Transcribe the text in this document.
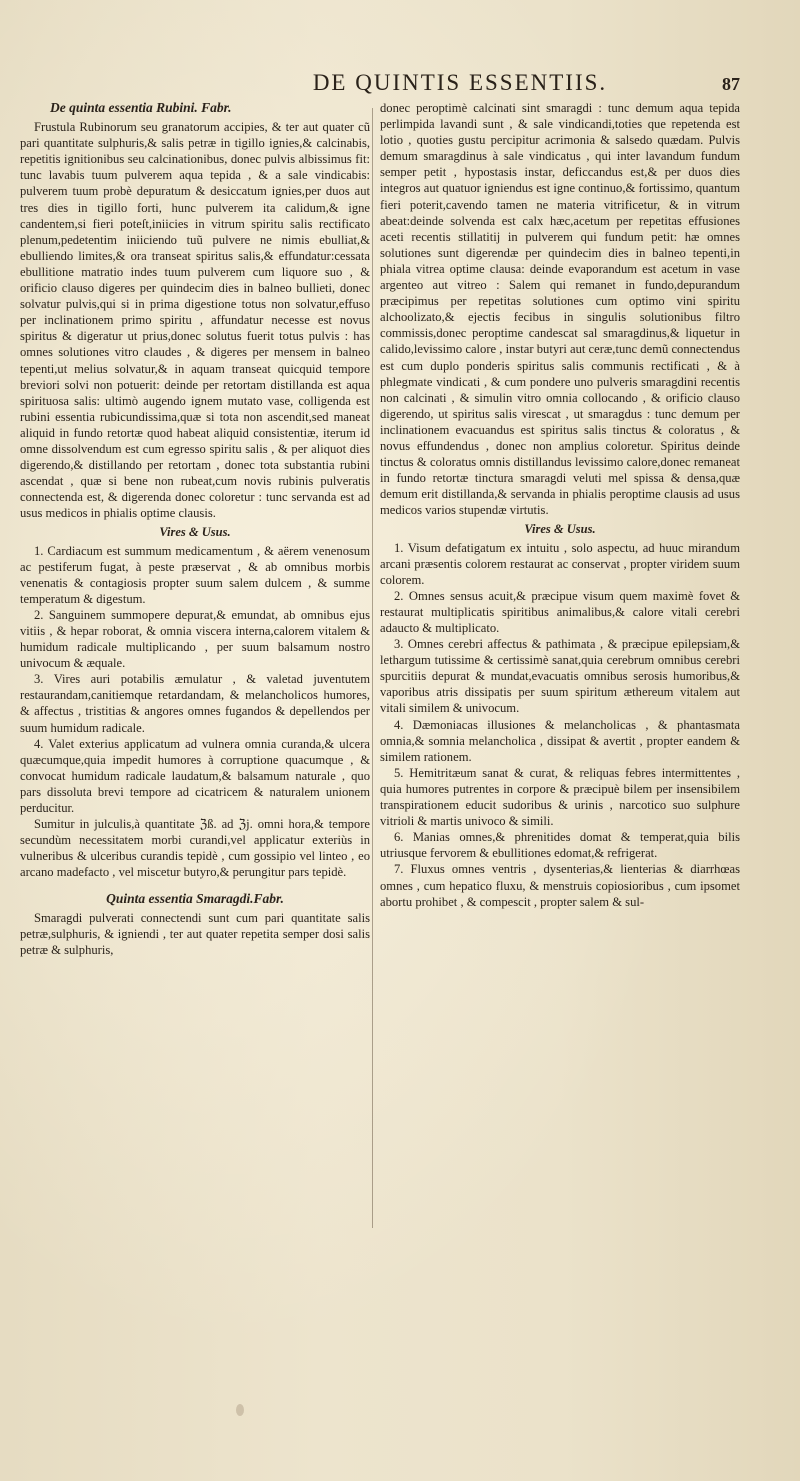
DE QUINTIS ESSENTIIS.	87
De quinta essentia Rubini. Fabr.

Frustula Rubinorum seu granatorum accipies, & ter aut quater cũ pari quantitate sulphuris,& salis petræ in tigillo ignies,& calcinabis, repetitis ignitionibus seu calcinationibus, donec pulvis albissimus fit: tunc lavabis tuum pulverem aqua tepida , & a sale vindicabis: pulverem tuum probè depuratum & desiccatum ignies,per duos aut tres dies in tigillo forti, hunc pulverem ita calidum,& igne candentem,si fieri poteſt,iniicies in vitrum spiritu salis rectificato plenum,pedetentim iniiciendo tuũ pulvere ne nimis ebulliat,& ebulliendo limites,& ora transeat spiritus salis,& effundatur:cessata ebullitione matratio indes tuum pulverem cum liquore suo , & orificio clauso digeres per quindecim dies in balneo bullieti, donec solvatur pulvis,qui si in prima digestione totus non solvatur,effuso per inclinationem primo spiritu , affundatur necesse est novus spiritus & digeratur ut prius,donec solutus fuerit totus pulvis : has omnes solutiones vitro claudes , & digeres per mensem in balneo tepenti,ut melius solvatur,& in aquam transeat quicquid tempore breviori solvi non potuerit: deinde per retortam distillanda est aqua spirituosa salis: ultimò augendo ignem mutato vase, colligenda est rubini essentia rubicundissima,quæ si tota non ascendit,sed maneat aliquid in fundo retortæ quod habeat aliquid consistentiæ, iterum id omne dissolvendum est cum egresso spiritu salis , & per aliquot dies digerendo,& distillando per retortam , donec tota substantia rubini ascendat , quæ si bene non rubeat,cum novis rubinis pulveratis connectenda est, & digerenda donec coloretur : tunc servanda est ad usus medicos in phialis optime clausis.

Vires & Usus.

1. Cardiacum est summum medicamentum , & aërem venenosum ac pestiferum fugat, à peste præservat , & ab omnibus morbis venenatis & contagiosis propter suum salem dulcem , & summe temperatum & digestum.

2. Sanguinem summopere depurat,& emundat, ab omnibus ejus vitiis , & hepar roborat, & omnia viscera interna,calorem vitalem & humidum radicale multiplicando , per suum balsamum nostro univocum & æquale.

3. Vires auri potabilis æmulatur , & valetad juventutem restaurandam,canitiemque retardandam, & melancholicos humores, & affectus , tristitias & angores omnes fugandos & depellendos per suum humidum radicale.

4. Valet exterius applicatum ad vulnera omnia curanda,& ulcera quæcumque,quia impedit humores à corruptione quacumque , & convocat humidum radicale laudatum,& balsamum naturale , quo pars dissoluta brevi tempore ad cicatricem & naturalem unionem perducitur.

Sumitur in julculis,à quantitate ℨß. ad ℨj. omni hora,& tempore secundùm necessitatem morbi curandi,vel applicatur exteriùs in vulneribus & ulceribus curandis tepidè , cum gossipio vel linteo , eo arcano madefacto , vel miscetur butyro,& perungitur pars tepidè.

Quinta essentia Smaragdi.Fabr.

Smaragdi pulverati connectendi sunt cum pari quantitate salis petræ,sulphuris, & igniendi , ter aut quater repetita semper dosi salis petræ & sulphuris,

donec peroptimè calcinati sint smaragdi : tunc demum aqua tepida perlimpida lavandi sunt , & sale vindicandi,toties que repetenda est lotio , quoties gustu percipitur acrimonia & salsedo quædam. Pulvis demum smaragdinus à sale vindicatus , qui inter lavandum fundum semper petit , hypostasis instar, deficcandus est,& per duos dies integros aut quatuor igniendus est igne continuo,& fortissimo, quantum fieri poterit,cavendo tamen ne materia vitrificetur, & in vitrum abeat:deinde solvenda est calx hæc,acetum per repetitas effusiones aceti recentis stillatitij in pulverem qui fundum petit: hæ omnes solutiones sunt digerendæ per quindecim dies in balneo tepenti,in phiala vitrea optime clausa: deinde evaporandum est acetum in vase argenteo aut vitreo : Salem qui remanet in fundo,depurandum præcipimus per repetitas solutiones cum optimo vini spiritu alchoolizato,& ejectis fecibus in singulis solutionibus filtro commissis,donec peroptime candescat sal smaragdinus,& liquetur in calido,levissimo calore , instar butyri aut ceræ,tunc demũ connectendus est cum duplo ponderis spiritus salis communis rectificati , & à phlegmate vindicati , & cum pondere uno pulveris smaragdini recentis non calcinati , & simulin vitro omnia collocando , & orificio clauso digerendo, ut spiritus salis virescat , ut smaragdus : tunc demum per inclinationem evacuandus est spiritus salis tinctus & coloratus , & novus effundendus , donec non amplius coloretur. Spiritus deinde tinctus & coloratus omnis distillandus levissimo calore,donec remaneat in fundo retortæ tinctura smaragdi veluti mel spissa & densa,quæ demum erit distillanda,& servanda in phialis peroptime clausis ad usus medicos varios stupendæ virtutis.

Vires & Usus.

1. Visum defatigatum ex intuitu , solo aspectu, ad huuc mirandum arcani præsentis colorem restaurat ac conservat , propter viridem suum colorem.

2. Omnes sensus acuit,& præcipue visum quem maximè fovet & restaurat multiplicatis spiritibus animalibus,& calore vitali cerebri adaucto & multiplicato.

3. Omnes cerebri affectus & pathimata , & præcipue epilepsiam,& lethargum tutissime & certissimè sanat,quia cerebrum omnibus cerebri spurcitiis depurat & mundat,evacuatis omnibus serosis humoribus,& vaporibus atris dissipatis per suum spiritum æthereum vitalem aut vitali similem & univocum.

4. Dæmoniacas illusiones & melancholicas , & phantasmata omnia,& somnia melancholica , dissipat & avertit , propter eandem & similem rationem.

5. Hemitritæum sanat & curat, & reliquas febres intermittentes , quia humores putrentes in corpore & præcipuè bilem per insensibilem transpirationem educit sudoribus & urinis , narcotico suo sulphure vitrioli & martis univoco & simili.

6. Manias omnes,& phrenitides domat & temperat,quia bilis utriusque fervorem & ebullitiones edomat,& refrigerat.

7. Fluxus omnes ventris , dysenterias,& lienterias & diarrhœas omnes , cum hepatico fluxu, & menstruis copiosioribus , cum ipsomet abortu prohibet , & compescit , propter salem & sul-
